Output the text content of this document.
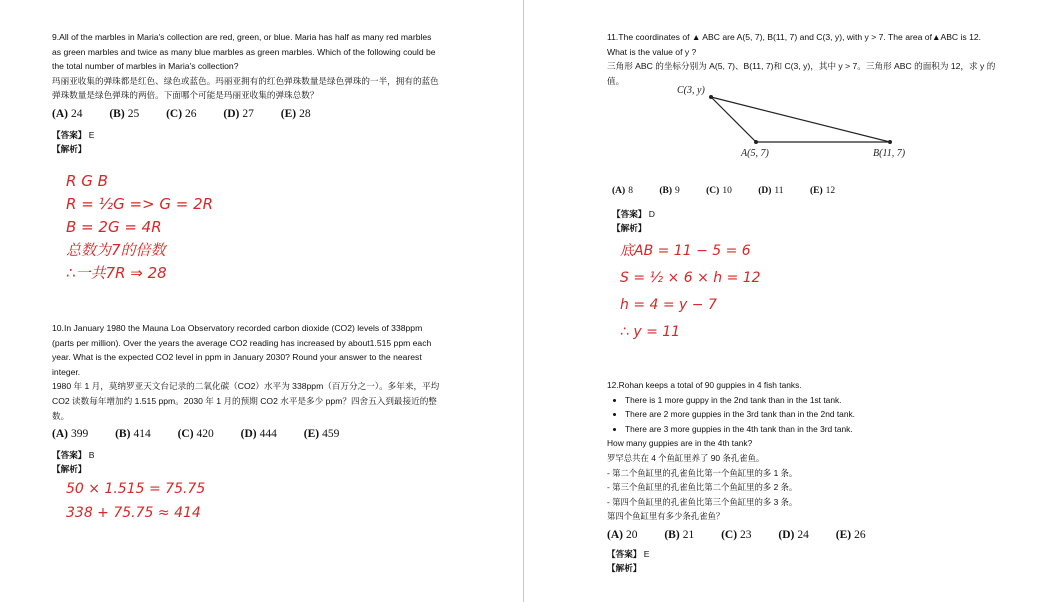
9.All of the marbles in Maria's collection are red, green, or blue. Maria has half as many red marbles as green marbles and twice as many blue marbles as green marbles. Which of the following could be the total number of marbles in Maria's collection?

玛丽亚收集的弹珠都是红色、绿色或蓝色。玛丽亚拥有的红色弹珠数量是绿色弹珠的一半，拥有的蓝色弹珠数量是绿色弹珠的两倍。下面哪个可能是玛丽亚收集的弹珠总数？

(A) 24 (B) 25 (C) 26 (D) 27 (E) 28
【答案】 E
【解析】
R G B
R = ½G => G = 2R
B = 2G = 4R
总数为7的倍数
∴一共7R ⇒ 28

10.In January 1980 the Mauna Loa Observatory recorded carbon dioxide (CO2) levels of 338ppm (parts per million). Over the years the average CO2 reading has increased by about1.515 ppm each year. What is the expected CO2 level in ppm in January 2030? Round your answer to the nearest integer.

1980 年 1 月，莫纳罗亚天文台记录的二氧化碳（CO2）水平为 338ppm（百万分之一）。多年来，平均 CO2 读数每年增加约 1.515 ppm。2030 年 1 月的预期 CO2 水平是多少 ppm？四舍五入到最接近的整数。

(A) 399 (B) 414 (C) 420 (D) 444 (E) 459
【答案】 B
【解析】
50 × 1.515 = 75.75
338 + 75.75 ≈ 414

11.The coordinates of ▲ ABC are A(5, 7), B(11, 7) and C(3, y), with y > 7. The area of▲ABC is 12. What is the value of y ?

三角形 ABC 的坐标分别为 A(5, 7)、B(11, 7)和 C(3, y)，其中 y > 7。三角形 ABC 的面积为 12，求 y 的值。

C(3, y)
A(5, 7)	B(11, 7)
(A) 8	(B) 9	(C) 10	(D) 11	(E) 12
【答案】 D
【解析】
底AB = 11 − 5 = 6
S = ½ × 6 × h = 12
h = 4 = y − 7
∴ y = 11

12.Rohan keeps a total of 90 guppies in 4 fish tanks.

• There is 1 more guppy in the 2nd tank than in the 1st tank.
• There are 2 more guppies in the 3rd tank than in the 2nd tank.
• There are 3 more guppies in the 4th tank than in the 3rd tank.

How many guppies are in the 4th tank?

罗罕总共在 4 个鱼缸里养了 90 条孔雀鱼。

- 第二个鱼缸里的孔雀鱼比第一个鱼缸里的多 1 条。

- 第三个鱼缸里的孔雀鱼比第二个鱼缸里的多 2 条。

- 第四个鱼缸里的孔雀鱼比第三个鱼缸里的多 3 条。

第四个鱼缸里有多少条孔雀鱼？

(A) 20 (B) 21 (C) 23 (D) 24 (E) 26
【答案】 E
【解析】
